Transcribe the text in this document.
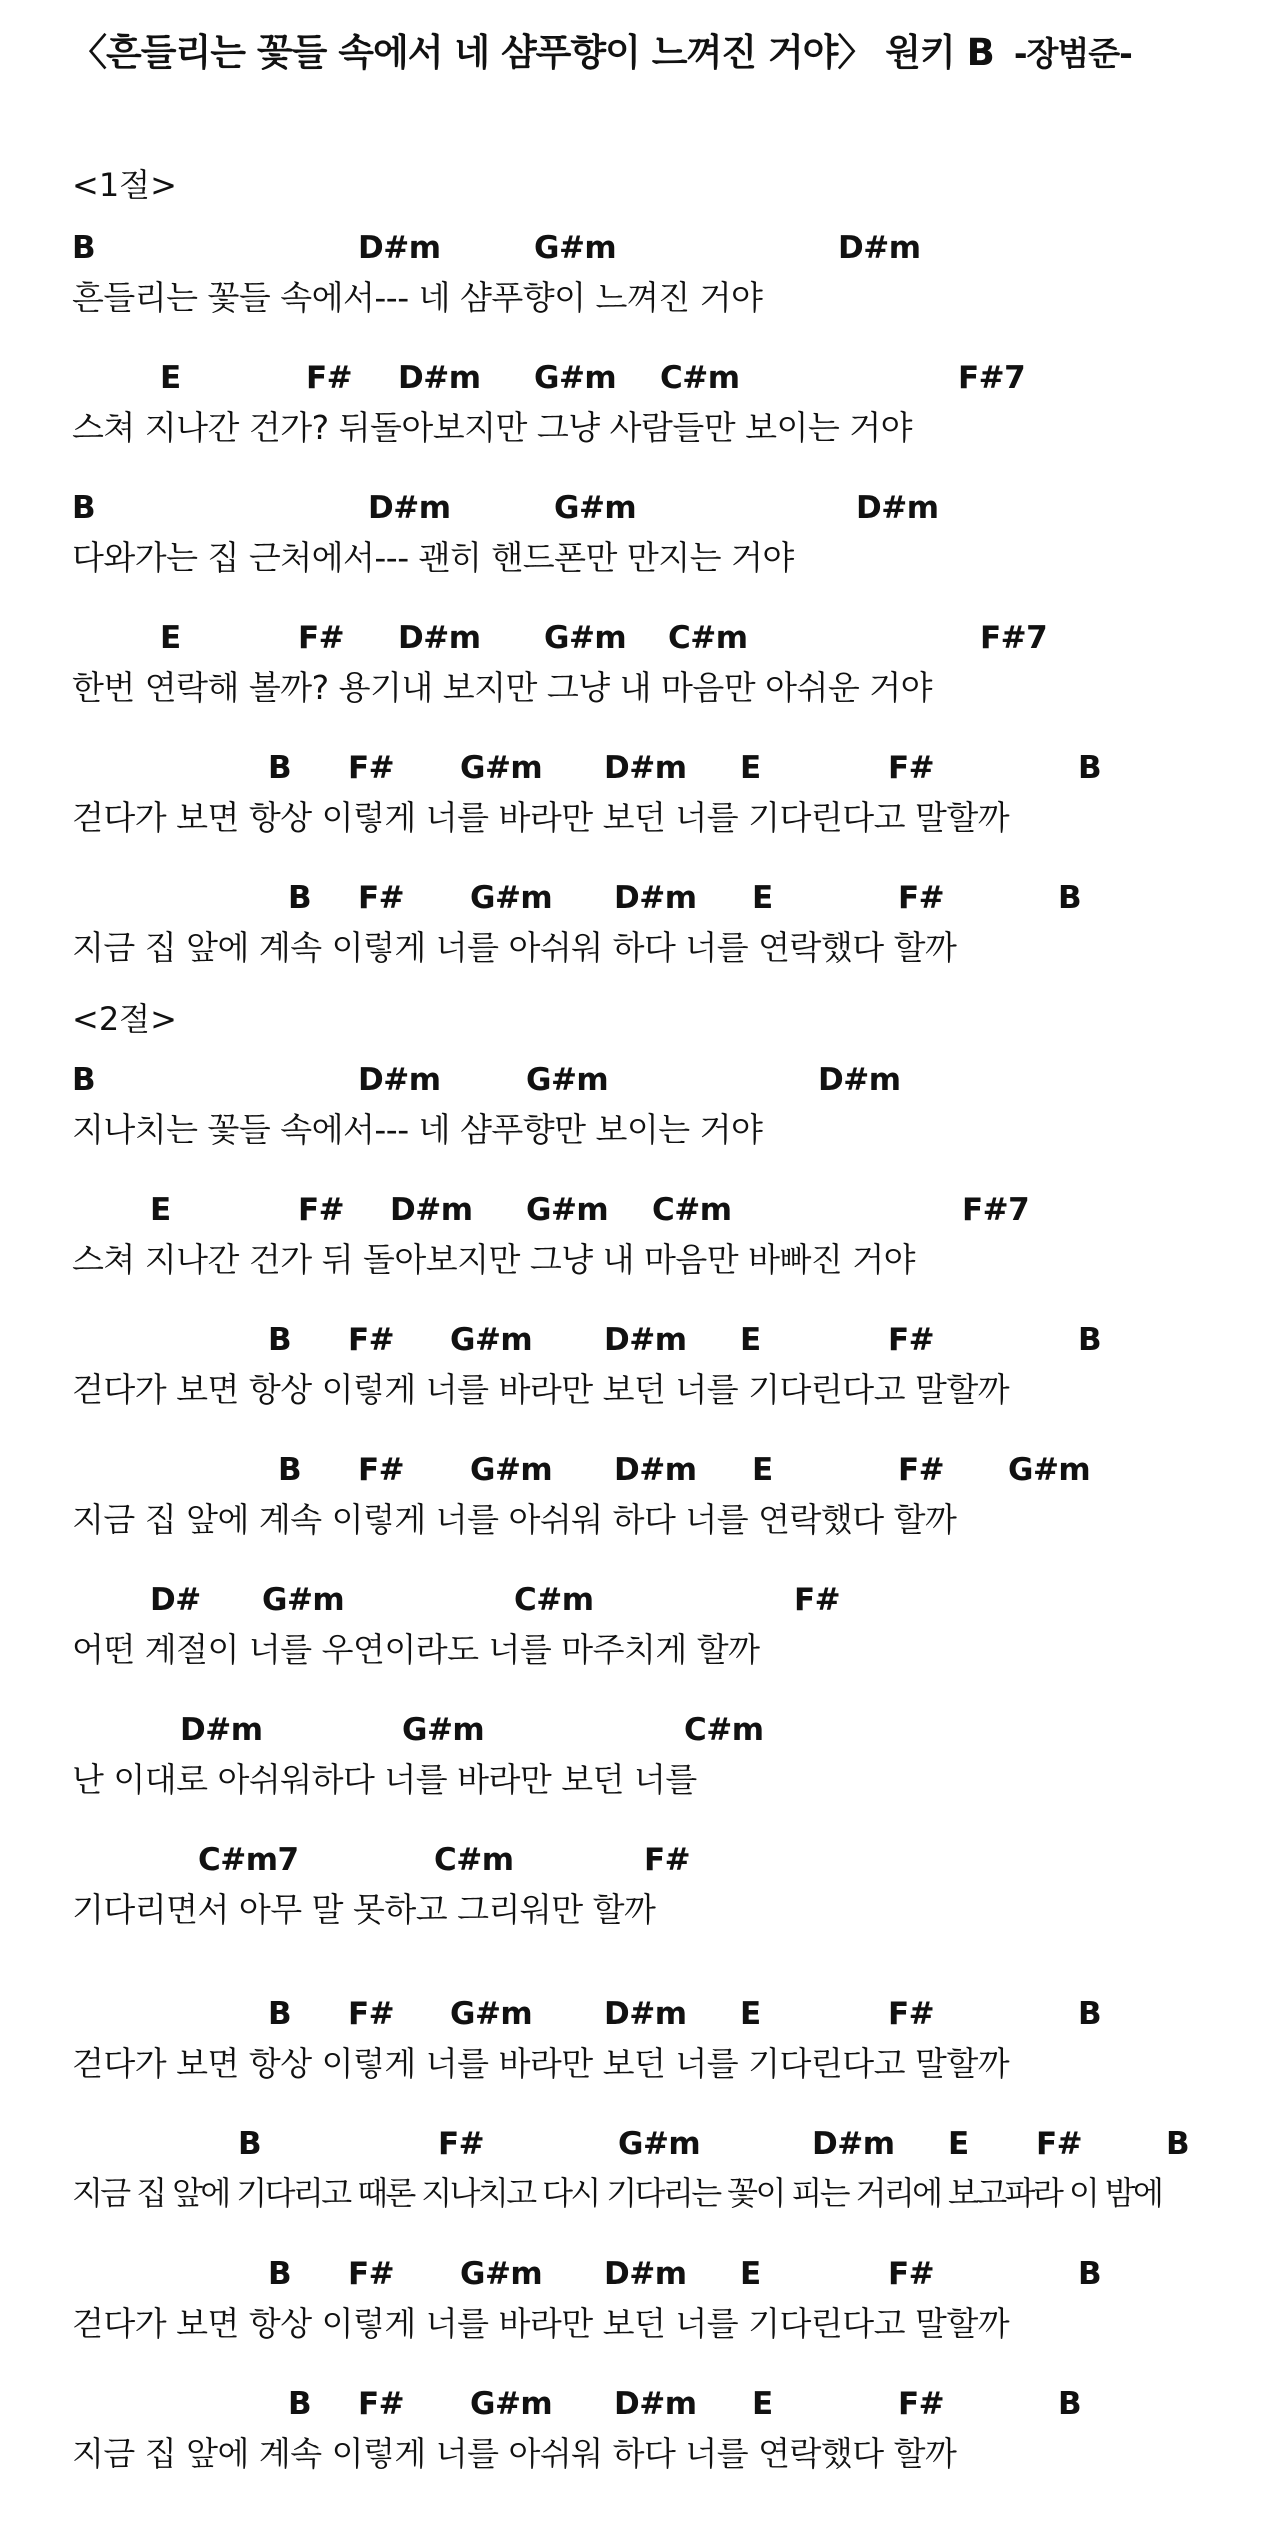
〈흔들리는 꽃들 속에서 네 샴푸향이 느껴진 거야〉 원키 B -장범준-
<1절>
B	D#m	G#m	D#m
흔들리는 꽃들 속에서--- 네 샴푸향이 느껴진 거야
E	F# D#m G#m C#m	F#7
스쳐 지나간 건가? 뒤돌아보지만 그냥 사람들만 보이는 거야
B	D#m	G#m	D#m
다와가는 집 근처에서--- 괜히 핸드폰만 만지는 거야
E	F# D#m G#m C#m	F#7
한번 연락해 볼까? 용기내 보지만 그냥 내 마음만 아쉬운 거야
B F# G#m D#m E	F#	B
걷다가 보면 항상 이렇게 너를 바라만 보던 너를 기다린다고 말할까
B F# G#m D#m E	F#	B
지금 집 앞에 계속 이렇게 너를 아쉬워 하다 너를 연락했다 할까
<2절>
B	D#m	G#m	D#m
지나치는 꽃들 속에서--- 네 샴푸향만 보이는 거야
E	F# D#m G#m C#m	F#7
스쳐 지나간 건가 뒤 돌아보지만 그냥 내 마음만 바빠진 거야
B F# G#m D#m E	F#	B
걷다가 보면 항상 이렇게 너를 바라만 보던 너를 기다린다고 말할까
B F# G#m D#m E	F# G#m
지금 집 앞에 계속 이렇게 너를 아쉬워 하다 너를 연락했다 할까
D# G#m	C#m	F#
어떤 계절이 너를 우연이라도 너를 마주치게 할까
D#m	G#m	C#m
난 이대로 아쉬워하다 너를 바라만 보던 너를
C#m7	C#m	F#
기다리면서 아무 말 못하고 그리워만 할까
B F# G#m D#m E	F#	B
걷다가 보면 항상 이렇게 너를 바라만 보던 너를 기다린다고 말할까
B	F#	G#m	D#m E F#	B
지금 집 앞에 기다리고 때론 지나치고 다시 기다리는 꽃이 피는 거리에 보고파라 이 밤에
B F# G#m D#m E	F#	B
걷다가 보면 항상 이렇게 너를 바라만 보던 너를 기다린다고 말할까
B F# G#m D#m E	F#	B
지금 집 앞에 계속 이렇게 너를 아쉬워 하다 너를 연락했다 할까
